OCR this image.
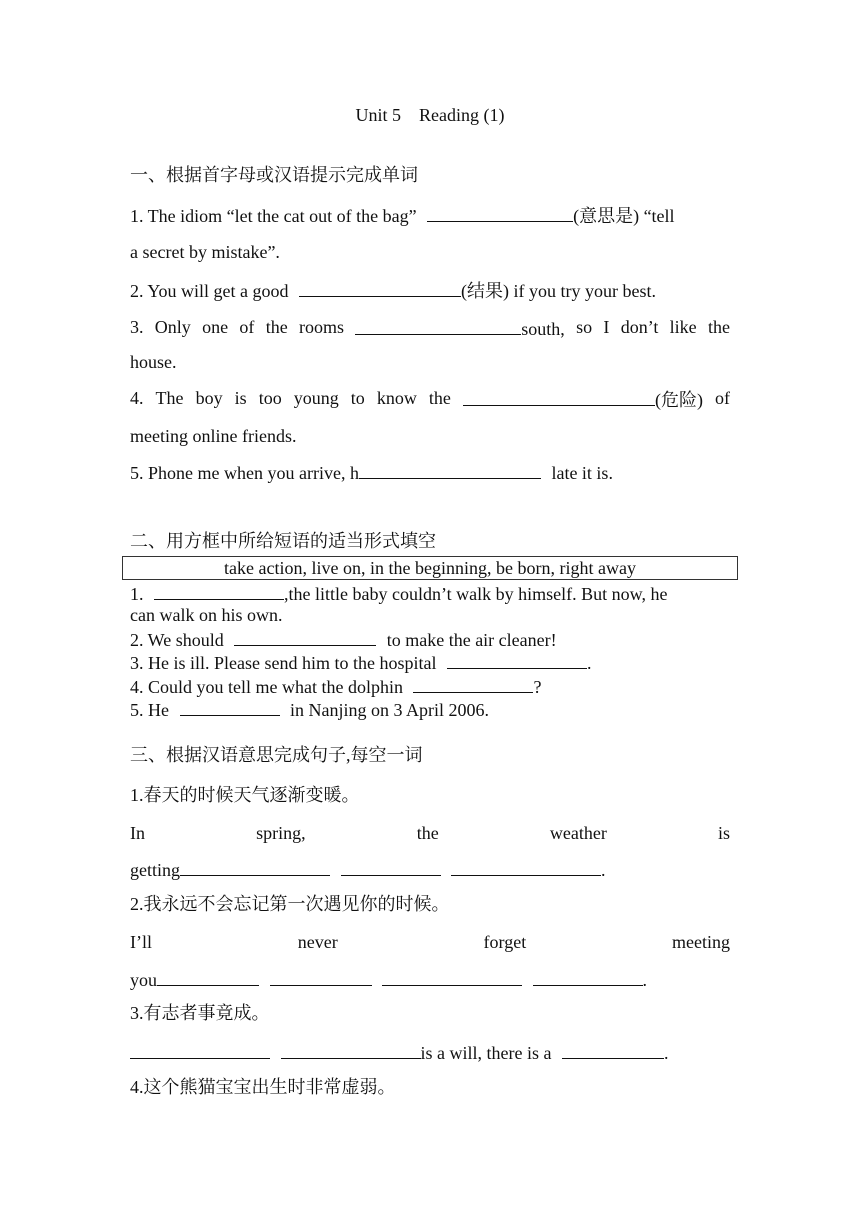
Unit 5    Reading (1)
一、根据首字母或汉语提示完成单词
1. The idiom “let the cat out of the bag”	(意思是) “tell
a secret by mistake”.
2. You will get a good	(结果) if you try your best.
3. Only one of the rooms	south, so I don’t like the
house.
4. The boy is too young to know the	(危险) of
meeting online friends.
5. Phone me when you arrive, h	late it is.
二、用方框中所给短语的适当形式填空
take action, live on, in the beginning, be born, right away
1.	,the little baby couldn’t walk by himself. But now, he
can walk on his own.
2. We should	to make the air cleaner!
3. He is ill. Please send him to the hospital	.
4. Could you tell me what the dolphin	?
5. He	in Nanjing on 3 April 2006.
三、根据汉语意思完成句子,每空一词
1.春天的时候天气逐渐变暖。
In	spring,	the	weather	is
getting	.
2.我永远不会忘记第一次遇见你的时候。
I’ll	never	forget	meeting
you	.
3.有志者事竟成。
is a will, there is a	.
4.这个熊猫宝宝出生时非常虚弱。
